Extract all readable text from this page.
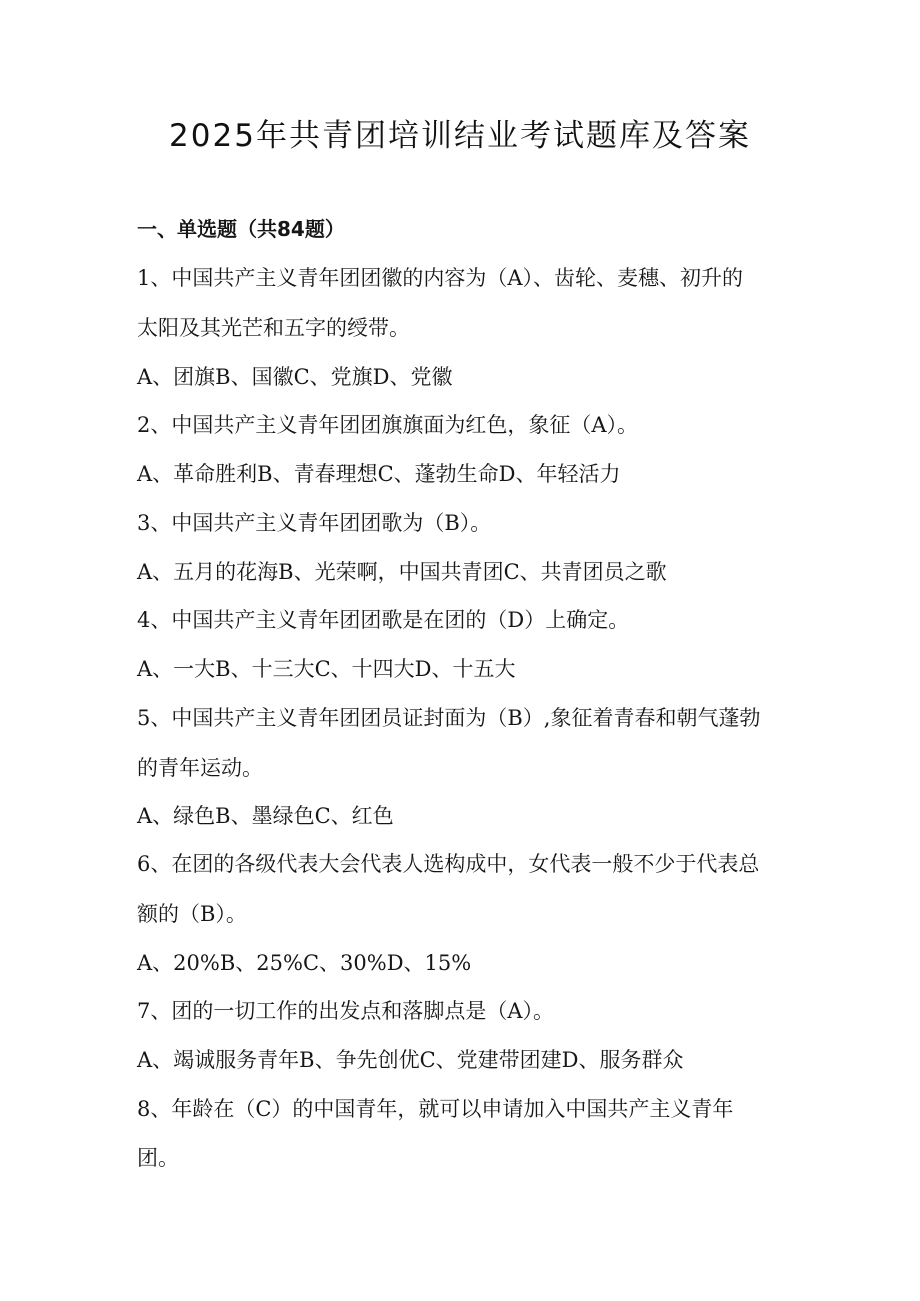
2025年共青团培训结业考试题库及答案
一、单选题（共84题）
1、中国共产主义青年团团徽的内容为（A）、齿轮、麦穗、初升的
太阳及其光芒和五字的绶带。
A、团旗B、国徽C、党旗D、党徽
2、中国共产主义青年团团旗旗面为红色，象征（A）。
A、革命胜利B、青春理想C、蓬勃生命D、年轻活力
3、中国共产主义青年团团歌为（B）。
A、五月的花海B、光荣啊，中国共青团C、共青团员之歌
4、中国共产主义青年团团歌是在团的（D）上确定。
A、一大B、十三大C、十四大D、十五大
5、中国共产主义青年团团员证封面为（B）,象征着青春和朝气蓬勃
的青年运动。
A、绿色B、墨绿色C、红色
6、在团的各级代表大会代表人选构成中，女代表一般不少于代表总
额的（B）。
A、20%B、25%C、30%D、15%
7、团的一切工作的出发点和落脚点是（A）。
A、竭诚服务青年B、争先创优C、党建带团建D、服务群众
8、年龄在（C）的中国青年，就可以申请加入中国共产主义青年
团。
